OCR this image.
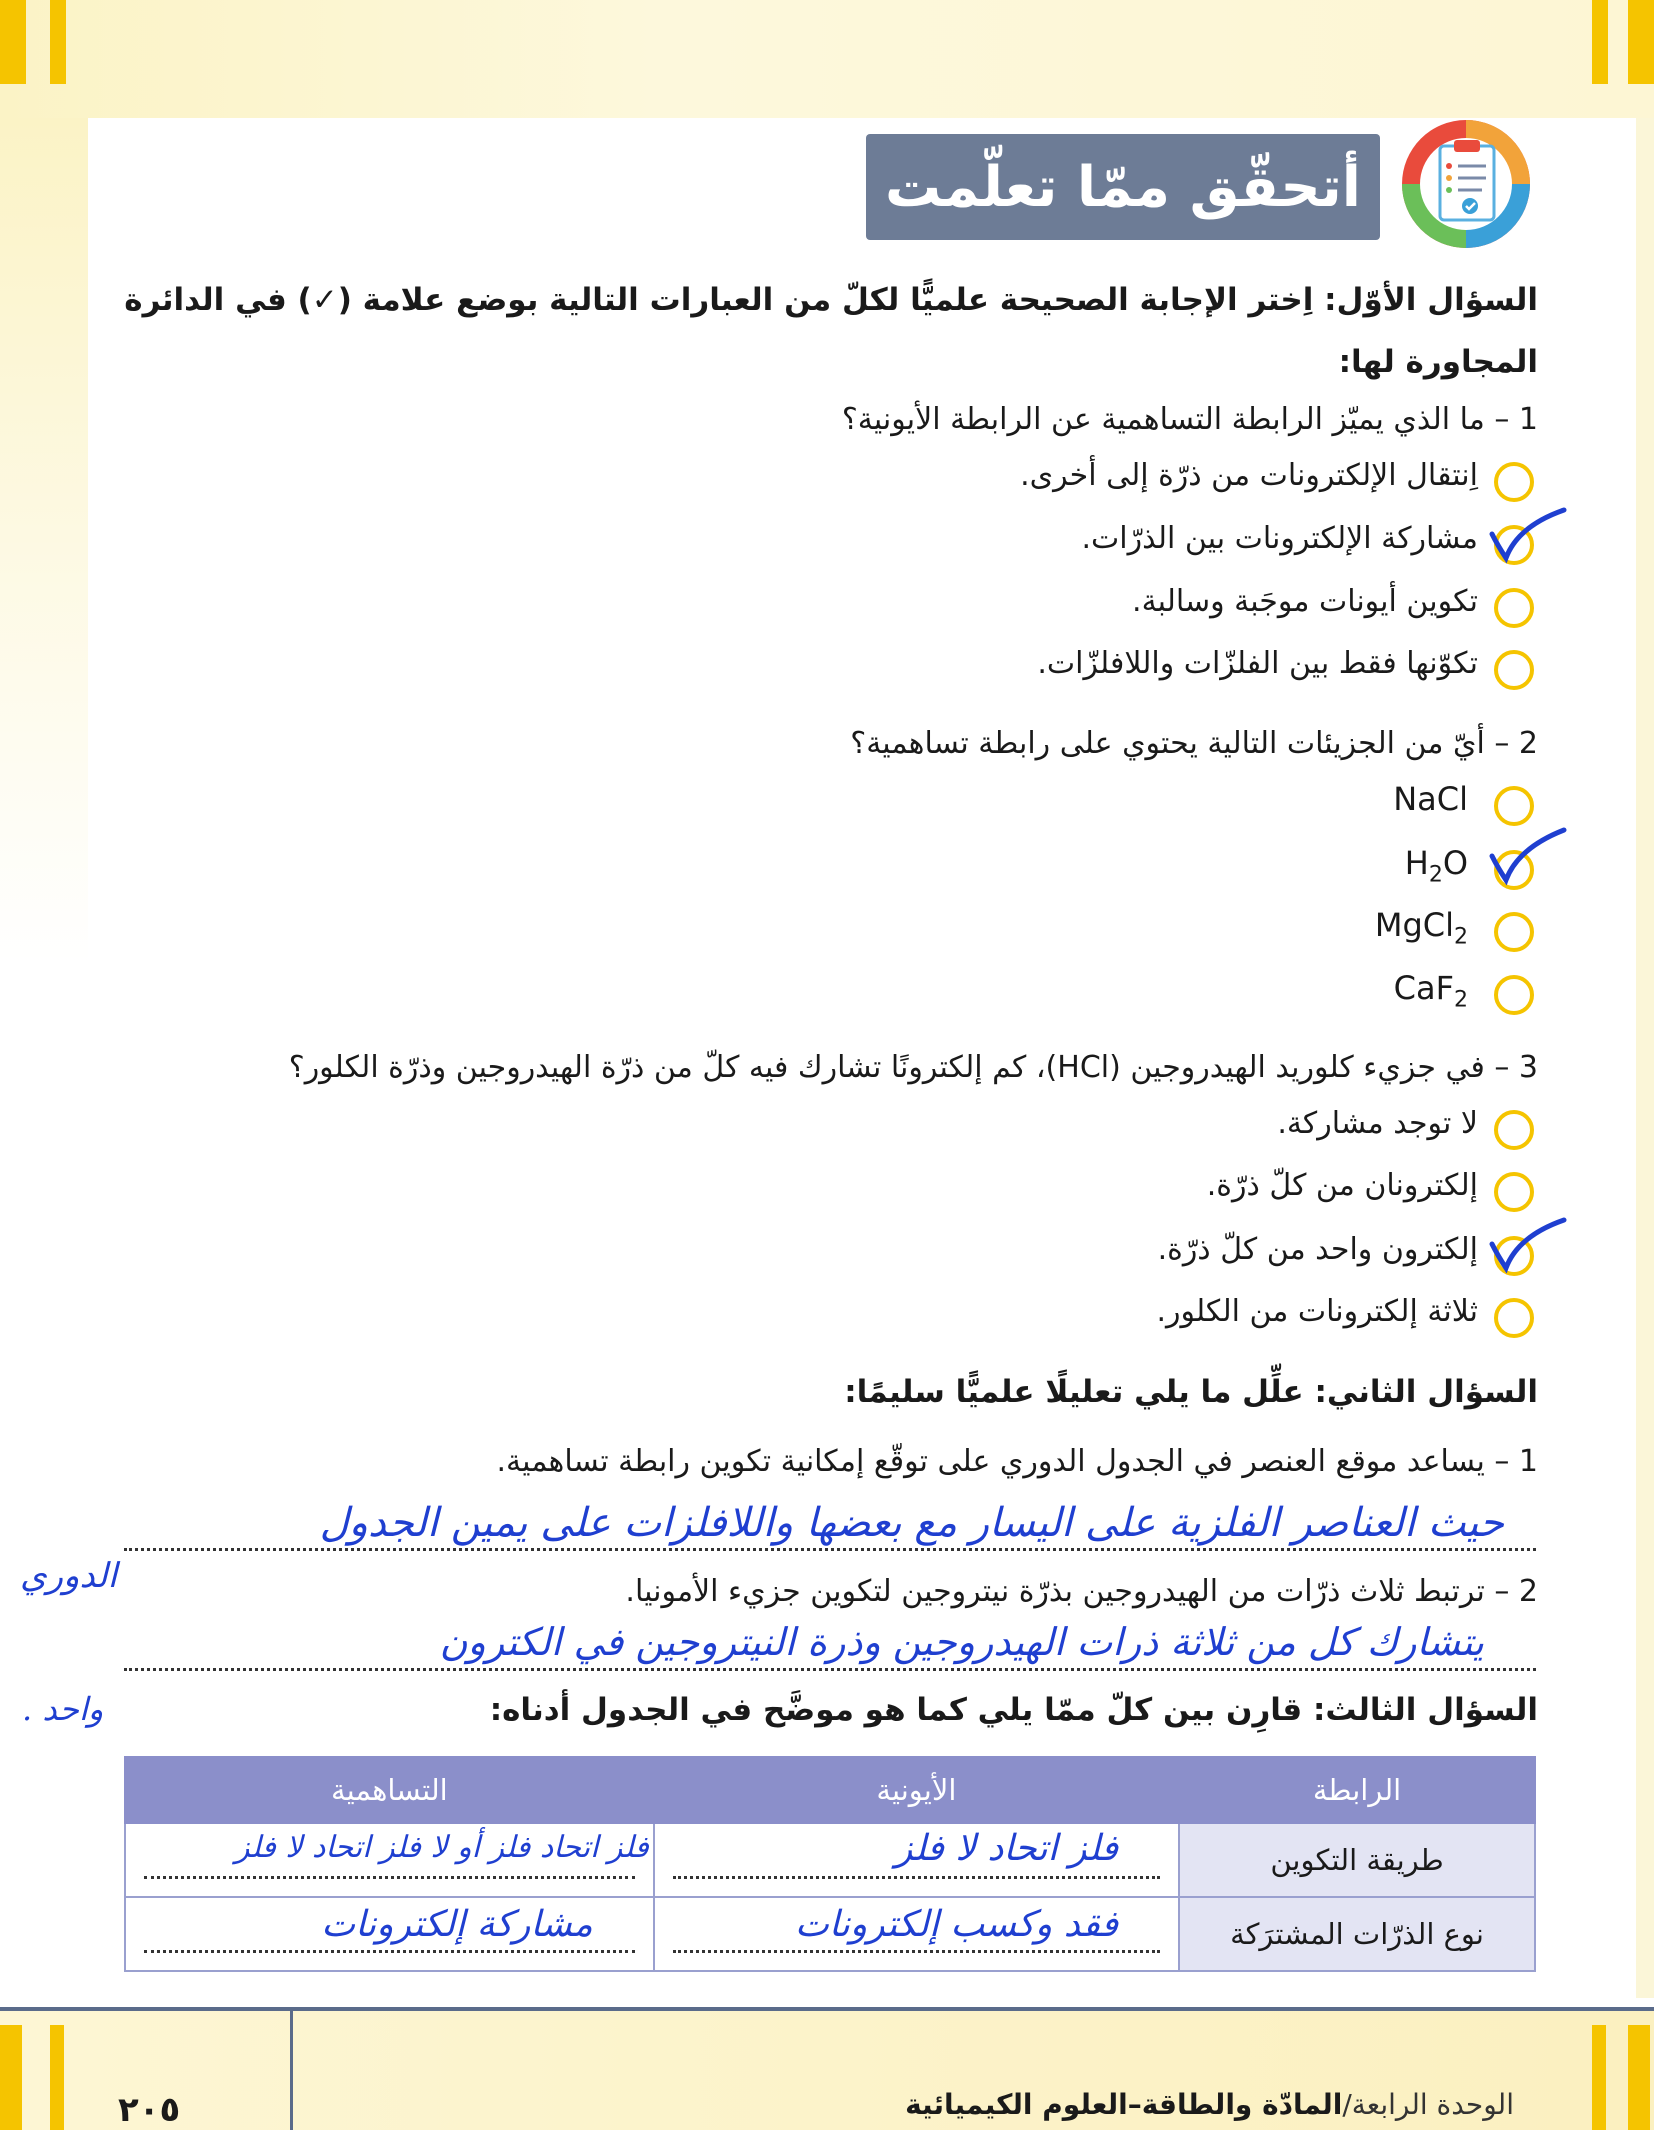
أتحقّق ممّا تعلّمت
السؤال الأوّل: اِختر الإجابة الصحيحة علميًّا لكلّ من العبارات التالية بوضع علامة (✓) في الدائرة
المجاورة لها:
1 – ما الذي يميّز الرابطة التساهمية عن الرابطة الأيونية؟
اِنتقال الإلكترونات من ذرّة إلى أخرى.
مشاركة الإلكترونات بين الذرّات.
تكوين أيونات موجَبة وسالبة.
تكوّنها فقط بين الفلزّات واللافلزّات.
2 – أيّ من الجزيئات التالية يحتوي على رابطة تساهمية؟
NaCl
$H_2O$
MgCl$_2$
CaF$_2$
3 – في جزيء كلوريد الهيدروجين (HCl)، كم إلكترونًا تشارك فيه كلّ من ذرّة الهيدروجين وذرّة الكلور؟
لا توجد مشاركة.
إلكترونان من كلّ ذرّة.
إلكترون واحد من كلّ ذرّة.
ثلاثة إلكترونات من الكلور.
السؤال الثاني: علِّل ما يلي تعليلًا علميًّا سليمًا:
1 – يساعد موقع العنصر في الجدول الدوري على توقّع إمكانية تكوين رابطة تساهمية.
حيث العناصر الفلزية على اليسار مع بعضها واللافلزات على يمين الجدول
الدوري	2 – ترتبط ثلاث ذرّات من الهيدروجين بذرّة نيتروجين لتكوين جزيء الأمونيا.
يتشارك كل من ثلاثة ذرات الهيدروجين وذرة النيتروجين في الكترون
واحد .	السؤال الثالث: قارِن بين كلّ ممّا يلي كما هو موضَّح في الجدول أدناه:
الرابطة	الأيونية	التساهمية
طريقة التكوين	فلز اتحاد لا فلز	فلز اتحاد فلز أو لا فلز اتحاد لا فلز

نوع الذرّات المشترَكة	فقد وكسب إلكترونات	مشاركة إلكترونات
٢٠٥	الوحدة الرابعة/المادّة والطاقة–العلوم الكيميائية
